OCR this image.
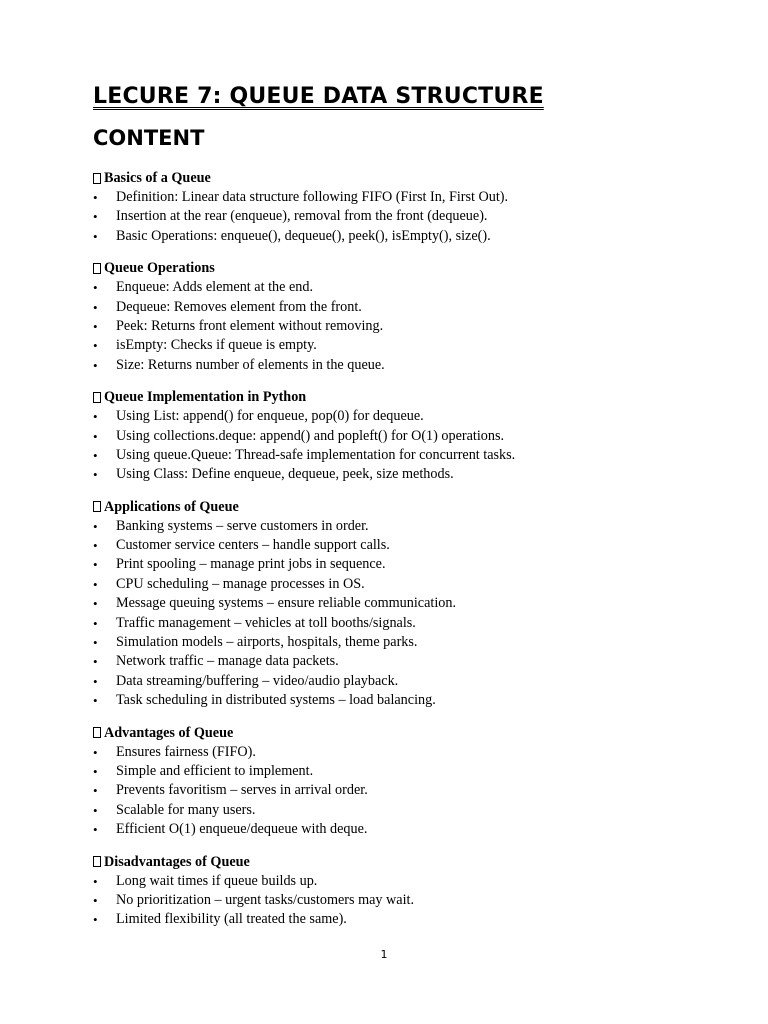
LECURE 7: QUEUE DATA STRUCTURE
CONTENT
Basics of a Queue
•	Definition: Linear data structure following FIFO (First In, First Out).
•	Insertion at the rear (enqueue), removal from the front (dequeue).
•	Basic Operations: enqueue(), dequeue(), peek(), isEmpty(), size().
Queue Operations
•	Enqueue: Adds element at the end.
•	Dequeue: Removes element from the front.
•	Peek: Returns front element without removing.
•	isEmpty: Checks if queue is empty.
•	Size: Returns number of elements in the queue.
Queue Implementation in Python
•	Using List: append() for enqueue, pop(0) for dequeue.
•	Using collections.deque: append() and popleft() for O(1) operations.
•	Using queue.Queue: Thread-safe implementation for concurrent tasks.
•	Using Class: Define enqueue, dequeue, peek, size methods.
Applications of Queue
•	Banking systems – serve customers in order.
•	Customer service centers – handle support calls.
•	Print spooling – manage print jobs in sequence.
•	CPU scheduling – manage processes in OS.
•	Message queuing systems – ensure reliable communication.
•	Traffic management – vehicles at toll booths/signals.
•	Simulation models – airports, hospitals, theme parks.
•	Network traffic – manage data packets.
•	Data streaming/buffering – video/audio playback.
•	Task scheduling in distributed systems – load balancing.
Advantages of Queue
•	Ensures fairness (FIFO).
•	Simple and efficient to implement.
•	Prevents favoritism – serves in arrival order.
•	Scalable for many users.
•	Efficient O(1) enqueue/dequeue with deque.
Disadvantages of Queue
•	Long wait times if queue builds up.
•	No prioritization – urgent tasks/customers may wait.
•	Limited flexibility (all treated the same).
1
